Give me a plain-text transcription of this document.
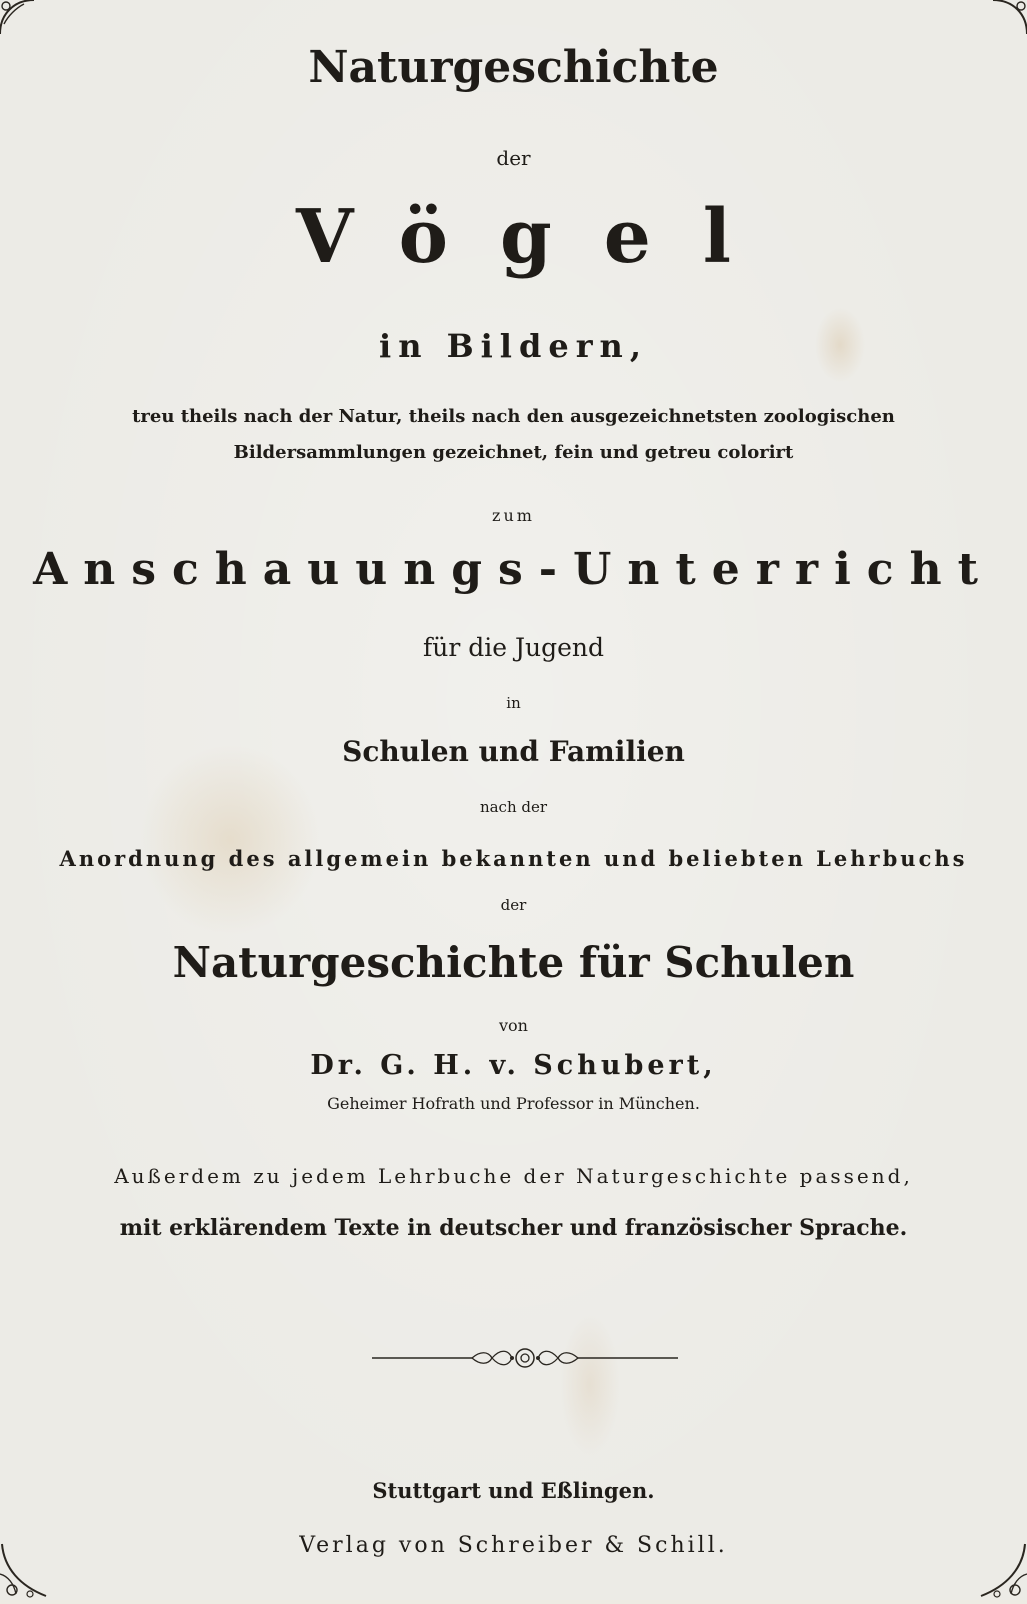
Naturgeschichte
der
Vögel
in Bildern,
treu theils nach der Natur, theils nach den ausgezeichnetsten zoologischen
Bildersammlungen gezeichnet, fein und getreu colorirt
zum
Anschauungs-Unterricht
für die Jugend
in
Schulen und Familien
nach der
Anordnung des allgemein bekannten und beliebten Lehrbuchs
der
Naturgeschichte für Schulen
von
Dr. G. H. v. Schubert,
Geheimer Hofrath und Professor in München.
Außerdem zu jedem Lehrbuche der Naturgeschichte passend,
mit erklärendem Texte in deutscher und französischer Sprache.
Stuttgart und Eßlingen.
Verlag von Schreiber & Schill.
